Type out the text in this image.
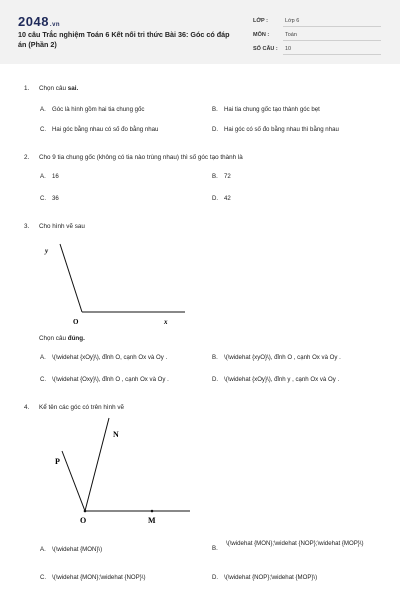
2048.vn
10 câu Trắc nghiệm Toán 6 Kết nối tri thức Bài 36: Góc có đáp án (Phần 2)
LỚP :	Lớp 6
MÔN :	Toán
SỐ CÂU : 10
1.	Chọn câu sai.
A. Góc là hình gồm hai tia chung gốc	B. Hai tia chung gốc tạo thành góc bẹt
C. Hai góc bằng nhau có số đo bằng nhau	D. Hai góc có số đo bằng nhau thì bằng nhau
2.	Cho 9 tia chung gốc (không có tia nào trùng nhau) thì số góc tạo thành là
A. 16	B. 72
C. 36	D. 42
3.	Cho hình vẽ sau
y
O	x
Chọn câu đúng.
A. \(\widehat {xOy}\), đỉnh O, cạnh Ox và Oy .	B. \(\widehat {xyO}\), đỉnh O , cạnh Ox và Oy .
C. \(\widehat {Oxy}\), đỉnh O , cạnh Ox và Oy .	D. \(\widehat {xOy}\), đỉnh y , cạnh Ox và Oy .
4.	Kể tên các góc có trên hình vẽ
N
P
O	M
A. \(\widehat {MON}\)	B.
\(\widehat {MON};\widehat {NOP};\widehat {MOP}\)
C. \(\widehat {MON};\widehat {NOP}\)	D. \(\widehat {NOP};\widehat {MOP}\)
